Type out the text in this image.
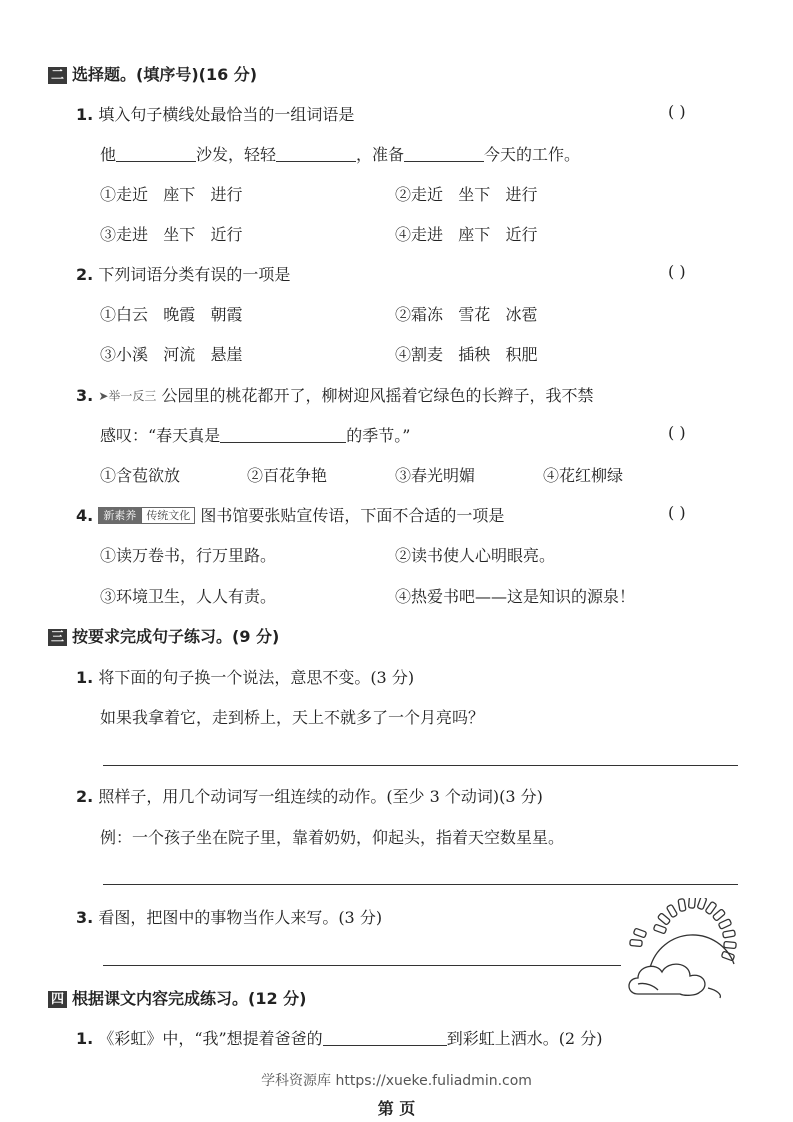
二 选择题。(填序号)(16 分)
1. 填入句子横线处最恰当的一组词语是	( )
他	沙发，轻轻	，准备	今天的工作。
①走近   座下   进行	②走近   坐下   进行
③走进   坐下   近行	④走进   座下   近行
2. 下列词语分类有误的一项是	( )
①白云   晚霞   朝霞	②霜冻   雪花   冰雹
③小溪   河流   悬崖	④割麦   插秧   积肥
3. ➤举一反三 公园里的桃花都开了，柳树迎风摇着它绿色的长辫子，我不禁
感叹：“春天真是	的季节。”	( )
①含苞欲放	②百花争艳	③春光明媚	④花红柳绿
4. 新素养 传统文化 图书馆要张贴宣传语，下面不合适的一项是	( )
①读万卷书，行万里路。	②读书使人心明眼亮。
③环境卫生，人人有责。	④热爱书吧——这是知识的源泉！
三 按要求完成句子练习。(9 分)
1. 将下面的句子换一个说法，意思不变。(3 分)
如果我拿着它，走到桥上，天上不就多了一个月亮吗？
2. 照样子，用几个动词写一组连续的动作。(至少 3 个动词)(3 分)
例：一个孩子坐在院子里，靠着奶奶，仰起头，指着天空数星星。
3. 看图，把图中的事物当作人来写。(3 分)
四 根据课文内容完成练习。(12 分)
1. 《彩虹》中，“我”想提着爸爸的	到彩虹上洒水。(2 分)
学科资源库 https://xueke.fuliadmin.com
第 页
